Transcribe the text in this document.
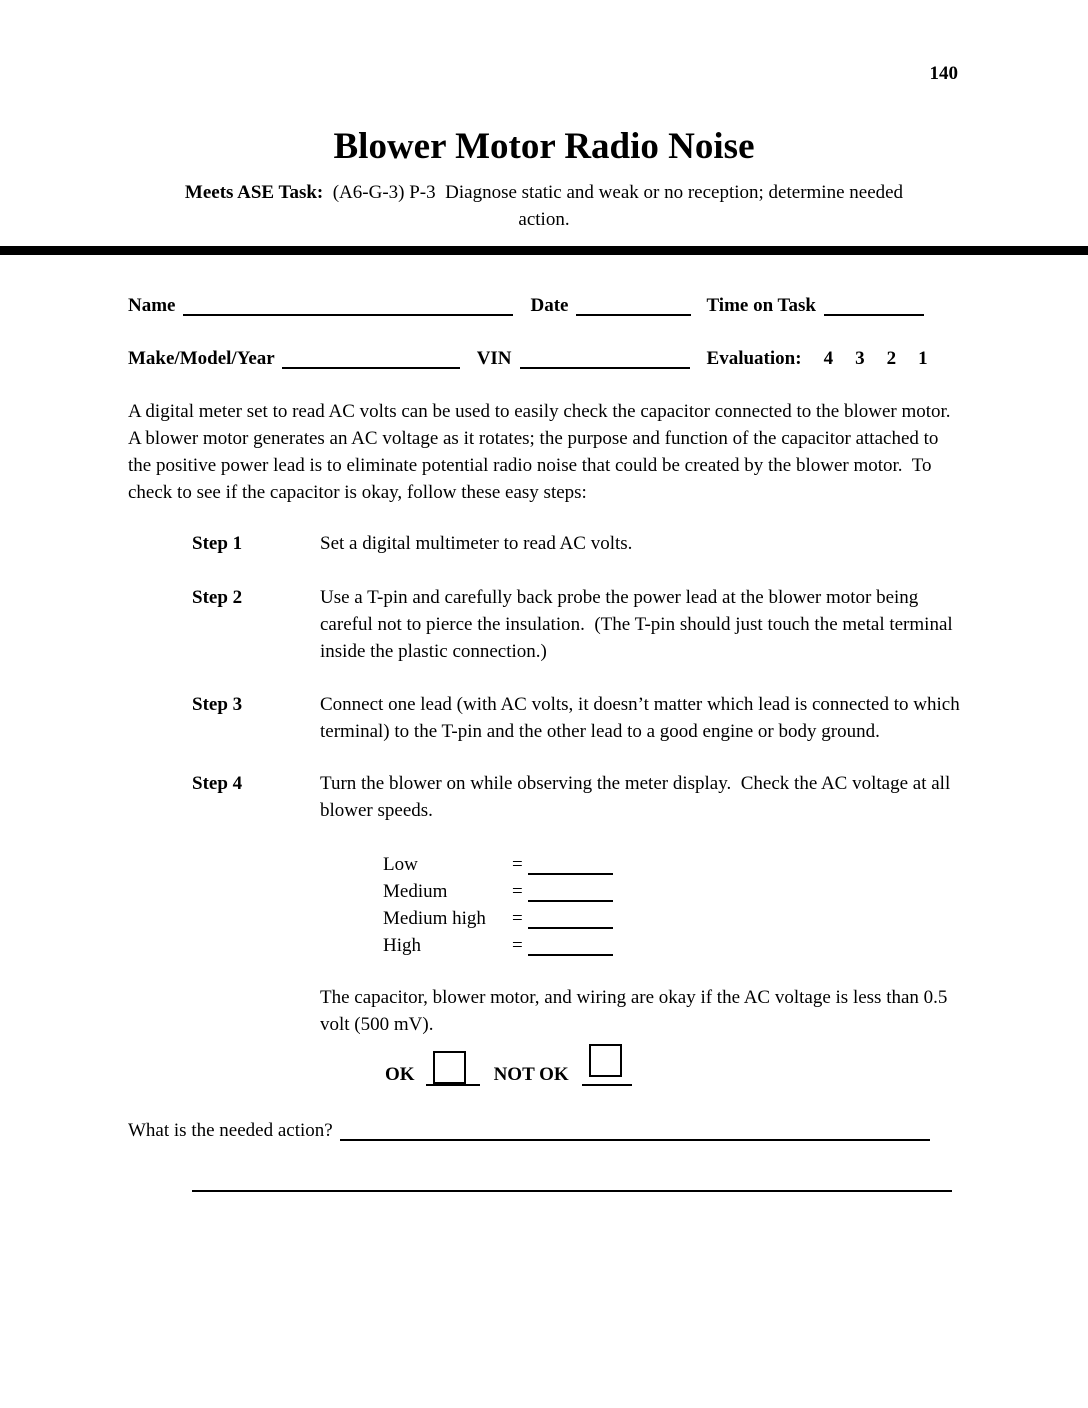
140
Blower Motor Radio Noise
Meets ASE Task:  (A6-G-3) P-3  Diagnose static and weak or no reception; determine needed
action.
Name	Date	Time on Task
Make/Model/Year	VIN	Evaluation: 4 3 2 1
A digital meter set to read AC volts can be used to easily check the capacitor connected to the blower motor.  A blower motor generates an AC voltage as it rotates; the purpose and function of the capacitor attached to the positive power lead is to eliminate potential radio noise that could be created by the blower motor.  To check to see if the capacitor is okay, follow these easy steps:
Step 1	Set a digital multimeter to read AC volts.
Step 2	Use a T-pin and carefully back probe the power lead at the blower motor being careful not to pierce the insulation.  (The T-pin should just touch the metal terminal inside the plastic connection.)
Step 3	Connect one lead (with AC volts, it doesn’t matter which lead is connected to which terminal) to the T-pin and the other lead to a good engine or body ground.
Step 4	Turn the blower on while observing the meter display.  Check the AC voltage at all blower speeds.
Low	=
Medium	=
Medium high =
High	=
The capacitor, blower motor, and wiring are okay if the AC voltage is less than 0.5 volt (500 mV).
OK	NOT OK
What is the needed action?
